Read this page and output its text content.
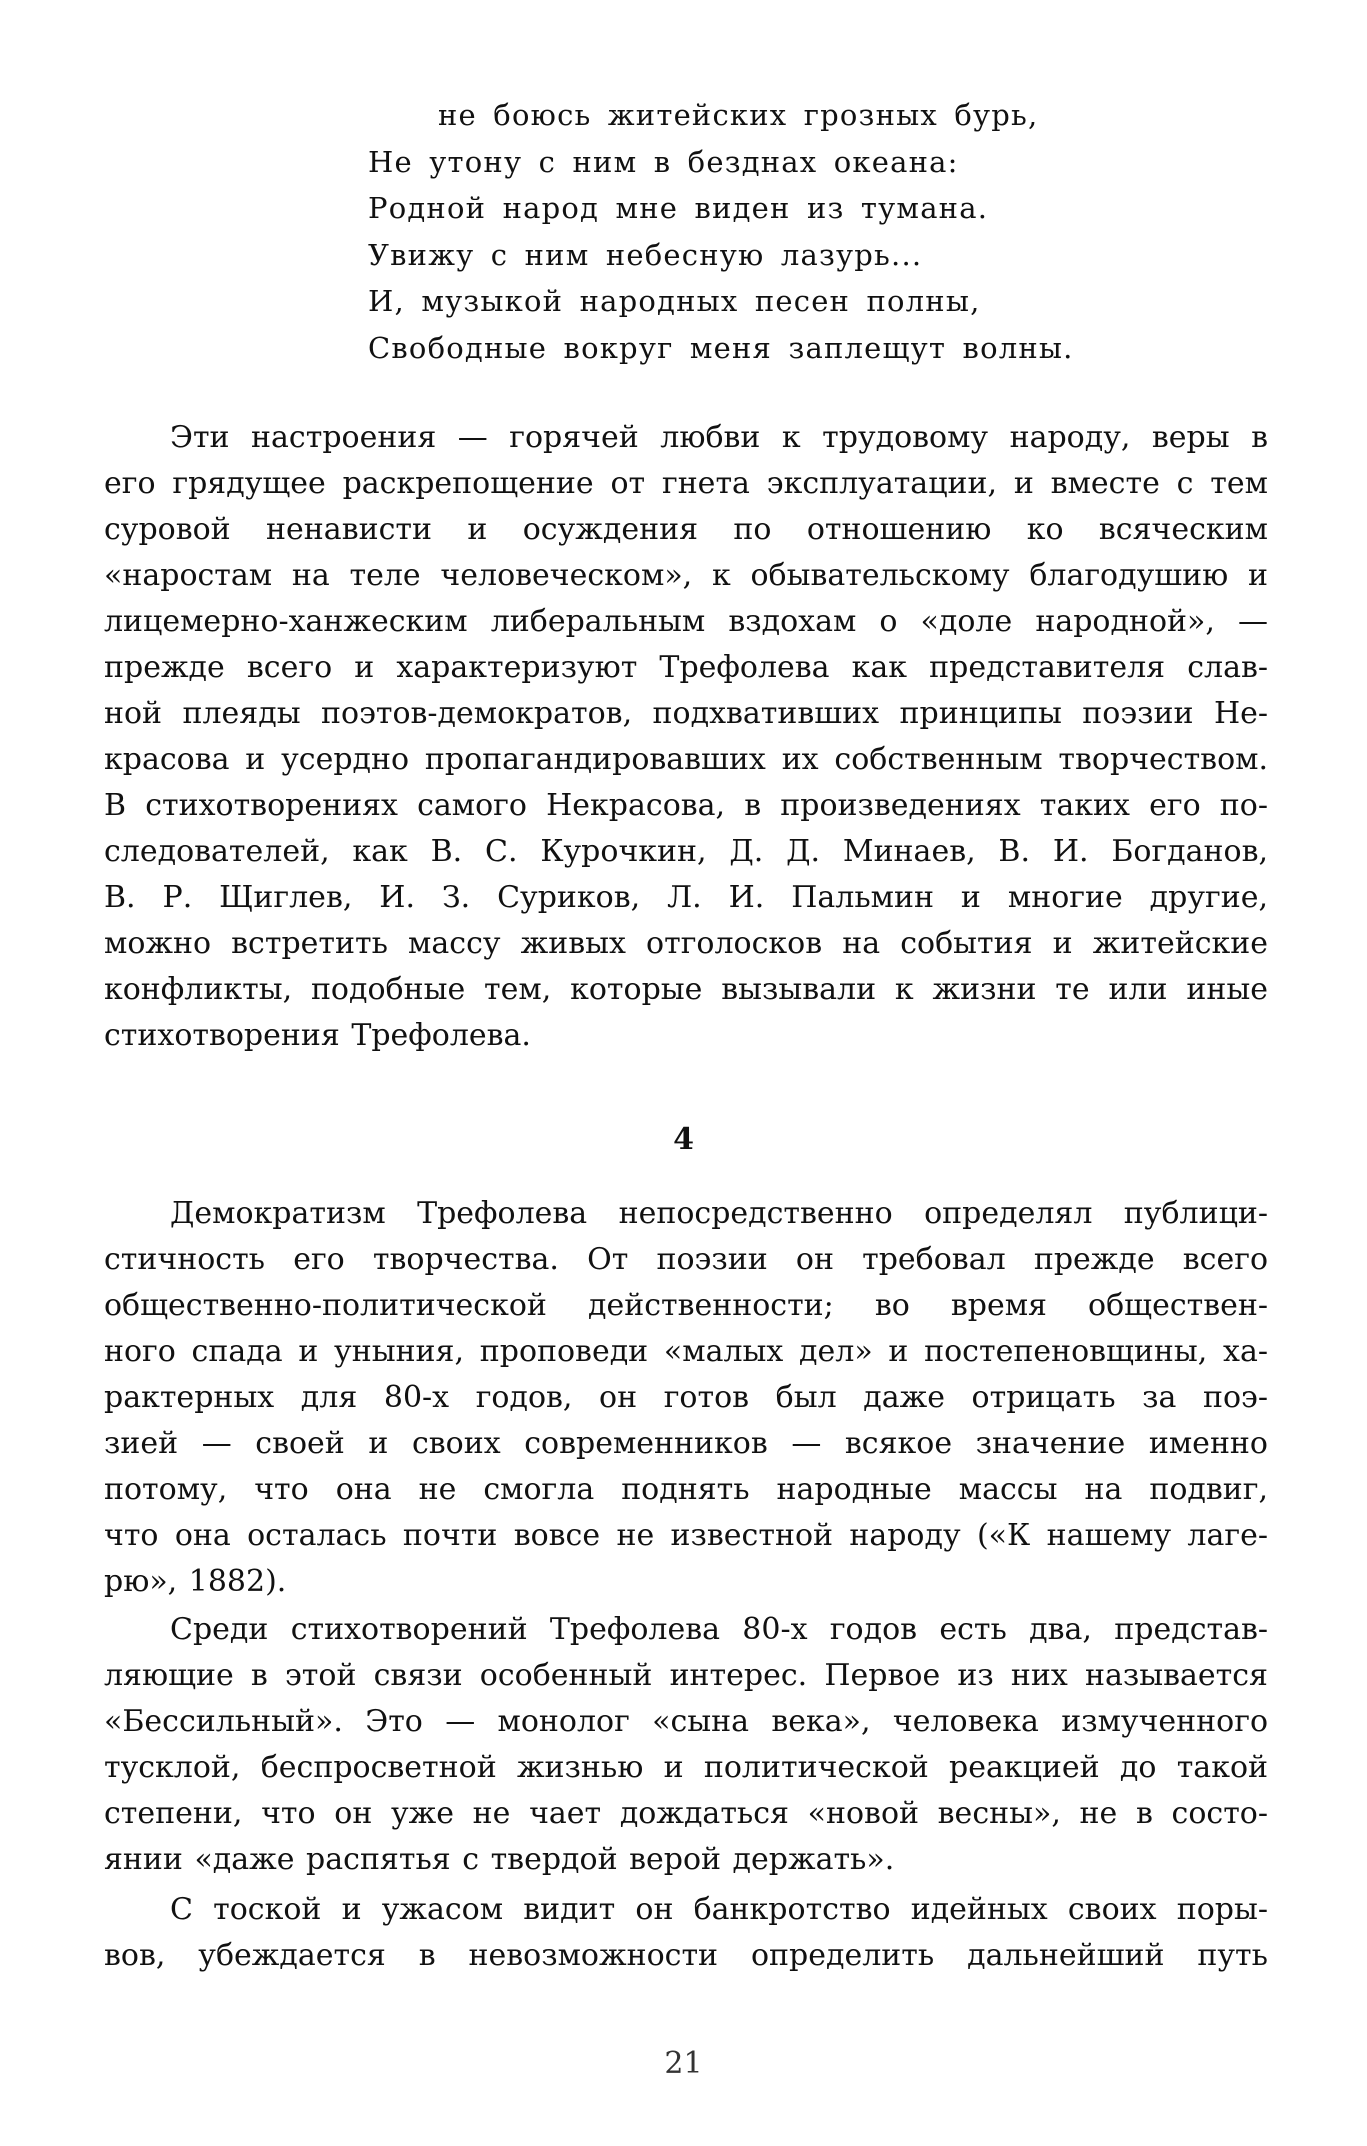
не боюсь житейских грозных бурь,
Не утону с ним в безднах океана:
Родной народ мне виден из тумана.
Увижу с ним небесную лазурь...
И, музыкой народных песен полны,
Свободные вокруг меня заплещут волны.
Эти настроения — горячей любви к трудовому народу, веры в
его грядущее раскрепощение от гнета эксплуатации, и вместе с тем
суровой ненависти и осуждения по отношению ко всяческим
«наростам на теле человеческом», к обывательскому благодушию и
лицемерно-ханжеским либеральным вздохам о «доле народной», —
прежде всего и характеризуют Трефолева как представителя слав-
ной плеяды поэтов-демократов, подхвативших принципы поэзии Не-
красова и усердно пропагандировавших их собственным творчеством.
В стихотворениях самого Некрасова, в произведениях таких его по-
следователей, как В. С. Курочкин, Д. Д. Минаев, В. И. Богданов,
В. Р. Щиглев, И. З. Суриков, Л. И. Пальмин и многие другие,
можно встретить массу живых отголосков на события и житейские
конфликты, подобные тем, которые вызывали к жизни те или иные
стихотворения Трефолева.
4
Демократизм Трефолева непосредственно определял публици-
стичность его творчества. От поэзии он требовал прежде всего
общественно-политической действенности; во время обществен-
ного спада и уныния, проповеди «малых дел» и постепеновщины, ха-
рактерных для 80-х годов, он готов был даже отрицать за поэ-
зией — своей и своих современников — всякое значение именно
потому, что она не смогла поднять народные массы на подвиг,
что она осталась почти вовсе не известной народу («К нашему лаге-
рю», 1882).
Среди стихотворений Трефолева 80-х годов есть два, представ-
ляющие в этой связи особенный интерес. Первое из них называется
«Бессильный». Это — монолог «сына века», человека измученного
тусклой, беспросветной жизнью и политической реакцией до такой
степени, что он уже не чает дождаться «новой весны», не в состо-
янии «даже распятья с твердой верой держать».
С тоской и ужасом видит он банкротство идейных своих поры-
вов, убеждается в невозможности определить дальнейший путь
21
